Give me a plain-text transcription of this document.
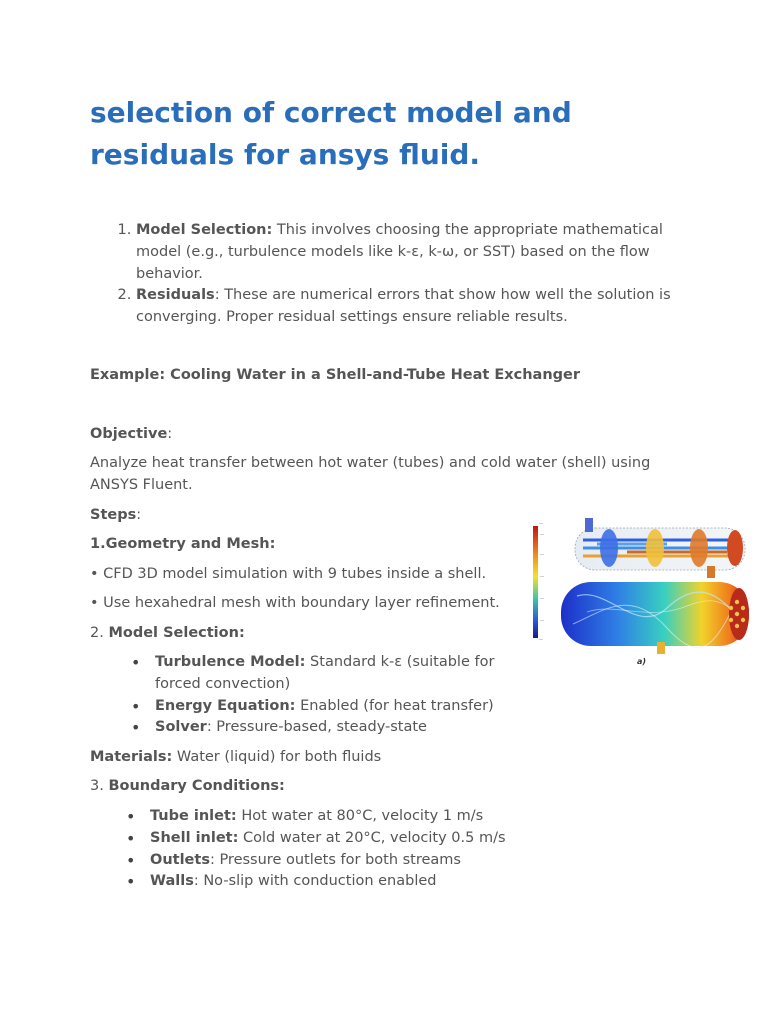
selection of correct model and residuals for ansys fluid.
1. Model Selection: This involves choosing the appropriate mathematical model (e.g., turbulence models like k-ε, k-ω, or SST) based on the flow behavior.
2. Residuals: These are numerical errors that show how well the solution is converging. Proper residual settings ensure reliable results.
Example: Cooling Water in a Shell-and-Tube Heat Exchanger
Objective:
Analyze heat transfer between hot water (tubes) and cold water (shell) using ANSYS Fluent.
Steps:
1.Geometry and Mesh:
• CFD 3D model simulation with 9 tubes inside a shell.
• Use hexahedral mesh with boundary layer refinement.
2. Model Selection:
• Turbulence Model: Standard k-ε (suitable for forced convection)
• Energy Equation: Enabled (for heat transfer)
• Solver: Pressure-based, steady-state
Materials: Water (liquid) for both fluids
3. Boundary Conditions:
• Tube inlet: Hot water at 80°C, velocity 1 m/s
• Shell inlet: Cold water at 20°C, velocity 0.5 m/s
• Outlets: Pressure outlets for both streams
• Walls: No-slip with conduction enabled
—
—
—
—
—
—
—
a)
